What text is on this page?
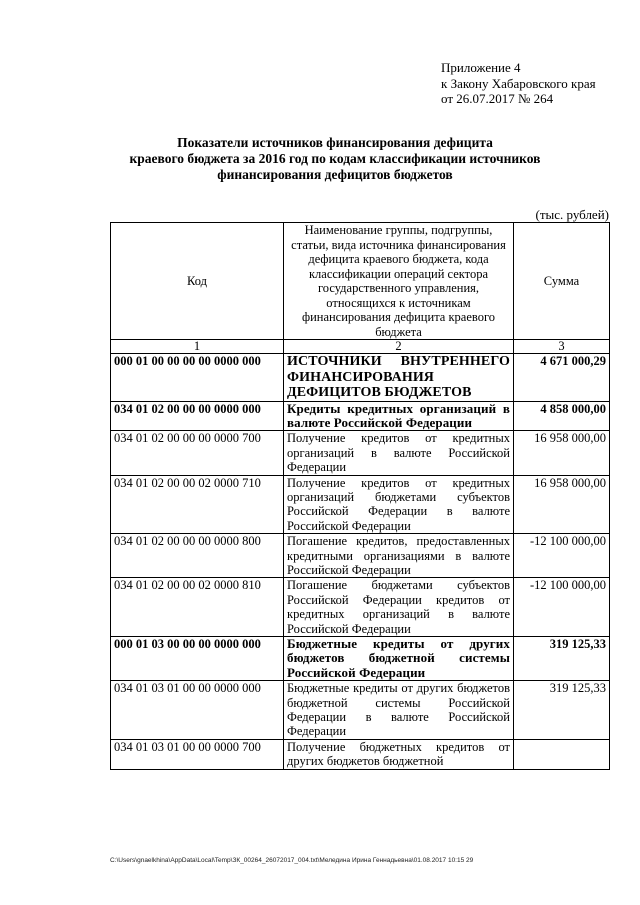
Приложение 4
к Закону Хабаровского края
от 26.07.2017 № 264
Показатели источников финансирования дефицита
краевого бюджета за 2016 год по кодам классификации источников
финансирования дефицитов бюджетов
(тыс. рублей)
Код	Наименование группы, подгруппы, статьи, вида источника финансирования дефицита краевого бюджета, кода классификации операций сектора государственного управления, относящихся к источникам финансирования дефицита краевого бюджета	Сумма
1	2	3
000 01 00 00 00 00 0000 000	ИСТОЧНИКИ ВНУТРЕННЕГО ФИНАНСИРОВАНИЯ ДЕФИЦИТОВ БЮДЖЕТОВ	4 671 000,29
034 01 02 00 00 00 0000 000	Кредиты кредитных организаций в валюте Российской Федерации	4 858 000,00
034 01 02 00 00 00 0000 700	Получение кредитов от кредитных организаций в валюте Российской Федерации	16 958 000,00
034 01 02 00 00 02 0000 710	Получение кредитов от кредитных организаций бюджетами субъектов Российской Федерации в валюте Российской Федерации	16 958 000,00
034 01 02 00 00 00 0000 800	Погашение кредитов, предоставленных кредитными организациями в валюте Российской Федерации	-12 100 000,00
034 01 02 00 00 02 0000 810	Погашение бюджетами субъектов Российской Федерации кредитов от кредитных организаций в валюте Российской Федерации	-12 100 000,00
000 01 03 00 00 00 0000 000	Бюджетные кредиты от других бюджетов бюджетной системы Российской Федерации	319 125,33
034 01 03 01 00 00 0000 000	Бюджетные кредиты от других бюджетов бюджетной системы Российской Федерации в валюте Российской Федерации	319 125,33
034 01 03 01 00 00 0000 700	Получение бюджетных кредитов от других бюджетов бюджетной	
C:\Users\gnaelkhina\AppData\Local\Temp\ЗК_00264_26072017_004.txt\Меледина Ирина Геннадьевна\01.08.2017 10:15 29
